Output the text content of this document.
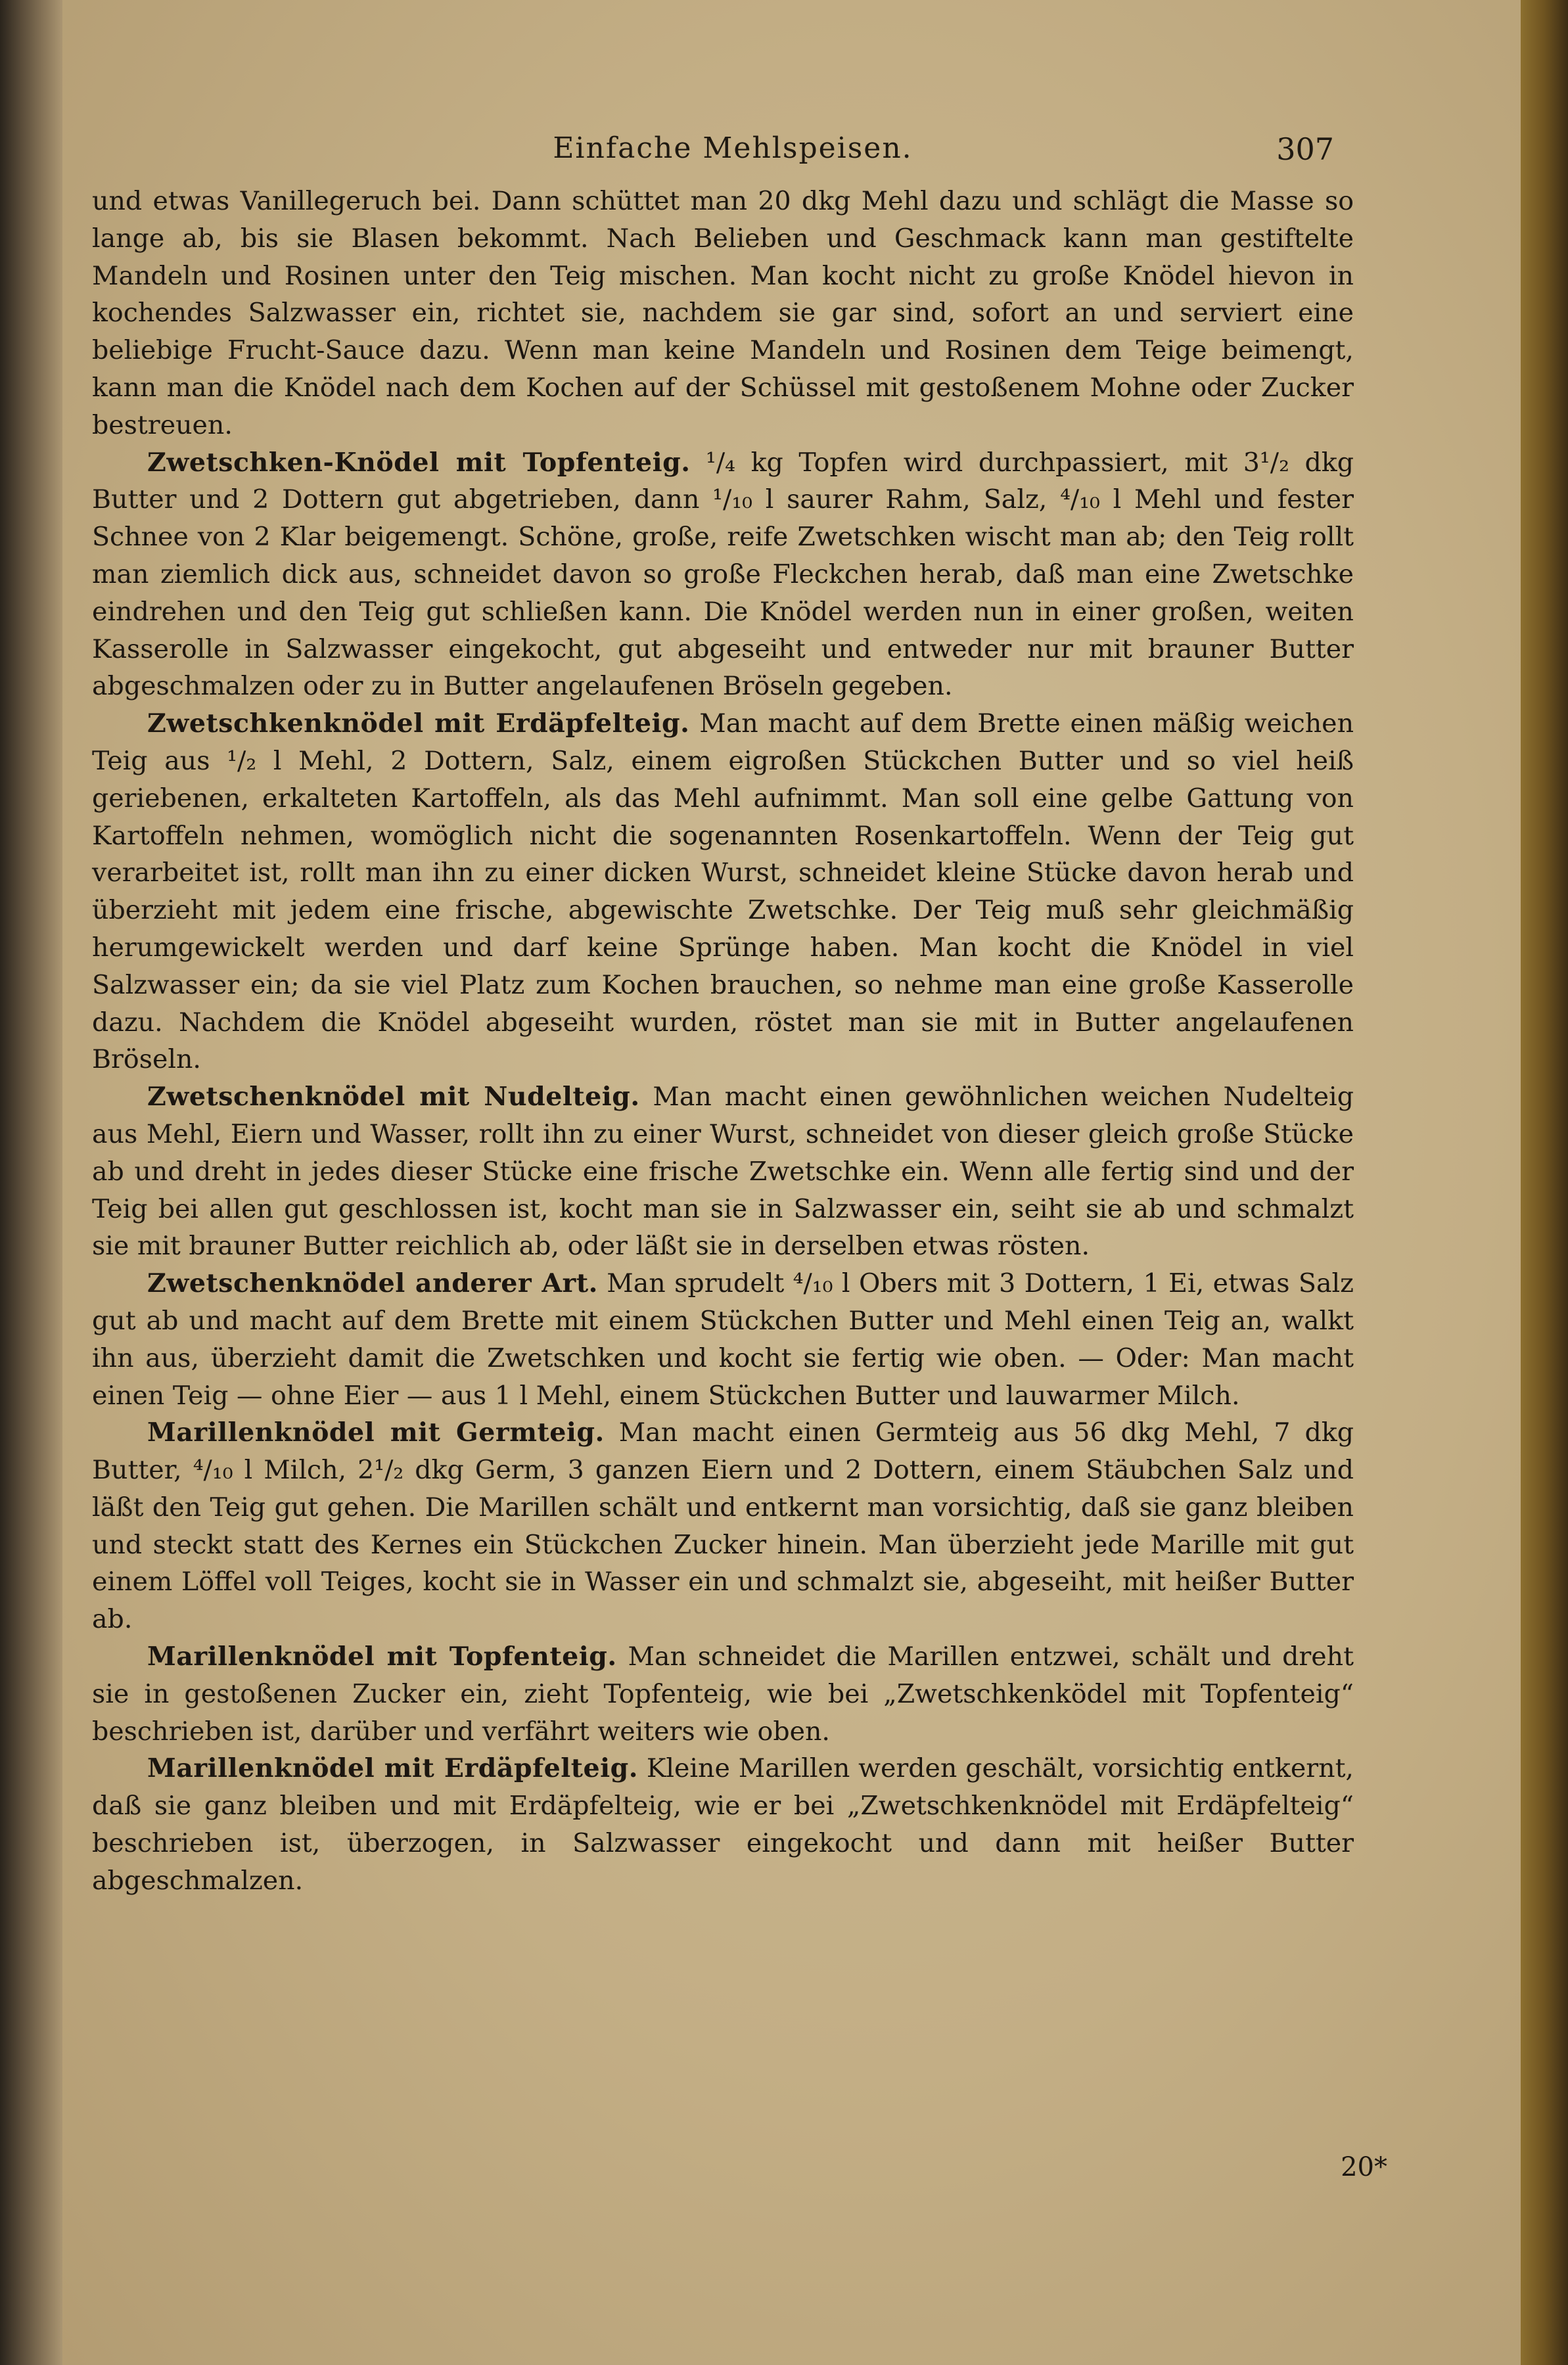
Einfache Mehlspeisen.	307

und etwas Vanillegeruch bei. Dann schüttet man 20 dkg Mehl dazu und schlägt die Masse so lange ab, bis sie Blasen bekommt. Nach Belieben und Geschmack kann man gestiftelte Mandeln und Rosinen unter den Teig mischen. Man kocht nicht zu große Knödel hievon in kochendes Salzwasser ein, richtet sie, nachdem sie gar sind, sofort an und serviert eine beliebige Frucht-Sauce dazu. Wenn man keine Mandeln und Rosinen dem Teige beimengt, kann man die Knödel nach dem Kochen auf der Schüssel mit gestoßenem Mohne oder Zucker bestreuen.

Zwetschken-Knödel mit Topfenteig. ¹/₄ kg Topfen wird durchpassiert, mit 3¹/₂ dkg Butter und 2 Dottern gut abgetrieben, dann ¹/₁₀ l saurer Rahm, Salz, ⁴/₁₀ l Mehl und fester Schnee von 2 Klar beigemengt. Schöne, große, reife Zwetschken wischt man ab; den Teig rollt man ziemlich dick aus, schneidet davon so große Fleckchen herab, daß man eine Zwetschke eindrehen und den Teig gut schließen kann. Die Knödel werden nun in einer großen, weiten Kasserolle in Salzwasser eingekocht, gut abgeseiht und entweder nur mit brauner Butter abgeschmalzen oder zu in Butter angelaufenen Bröseln gegeben.

Zwetschkenknödel mit Erdäpfelteig. Man macht auf dem Brette einen mäßig weichen Teig aus ¹/₂ l Mehl, 2 Dottern, Salz, einem eigroßen Stückchen Butter und so viel heiß geriebenen, erkalteten Kartoffeln, als das Mehl aufnimmt. Man soll eine gelbe Gattung von Kartoffeln nehmen, womöglich nicht die sogenannten Rosenkartoffeln. Wenn der Teig gut verarbeitet ist, rollt man ihn zu einer dicken Wurst, schneidet kleine Stücke davon herab und überzieht mit jedem eine frische, abgewischte Zwetschke. Der Teig muß sehr gleichmäßig herumgewickelt werden und darf keine Sprünge haben. Man kocht die Knödel in viel Salzwasser ein; da sie viel Platz zum Kochen brauchen, so nehme man eine große Kasserolle dazu. Nachdem die Knödel abgeseiht wurden, röstet man sie mit in Butter angelaufenen Bröseln.

Zwetschenknödel mit Nudelteig. Man macht einen gewöhnlichen weichen Nudelteig aus Mehl, Eiern und Wasser, rollt ihn zu einer Wurst, schneidet von dieser gleich große Stücke ab und dreht in jedes dieser Stücke eine frische Zwetschke ein. Wenn alle fertig sind und der Teig bei allen gut geschlossen ist, kocht man sie in Salzwasser ein, seiht sie ab und schmalzt sie mit brauner Butter reichlich ab, oder läßt sie in derselben etwas rösten.

Zwetschenknödel anderer Art. Man sprudelt ⁴/₁₀ l Obers mit 3 Dottern, 1 Ei, etwas Salz gut ab und macht auf dem Brette mit einem Stückchen Butter und Mehl einen Teig an, walkt ihn aus, überzieht damit die Zwetschken und kocht sie fertig wie oben. — Oder: Man macht einen Teig — ohne Eier — aus 1 l Mehl, einem Stückchen Butter und lauwarmer Milch.

Marillenknödel mit Germteig. Man macht einen Germteig aus 56 dkg Mehl, 7 dkg Butter, ⁴/₁₀ l Milch, 2¹/₂ dkg Germ, 3 ganzen Eiern und 2 Dottern, einem Stäubchen Salz und läßt den Teig gut gehen. Die Marillen schält und entkernt man vorsichtig, daß sie ganz bleiben und steckt statt des Kernes ein Stückchen Zucker hinein. Man überzieht jede Marille mit gut einem Löffel voll Teiges, kocht sie in Wasser ein und schmalzt sie, abgeseiht, mit heißer Butter ab.

Marillenknödel mit Topfenteig. Man schneidet die Marillen entzwei, schält und dreht sie in gestoßenen Zucker ein, zieht Topfenteig, wie bei „Zwetschkenködel mit Topfenteig“ beschrieben ist, darüber und verfährt weiters wie oben.

Marillenknödel mit Erdäpfelteig. Kleine Marillen werden geschält, vorsichtig entkernt, daß sie ganz bleiben und mit Erdäpfelteig, wie er bei „Zwetschkenknödel mit Erdäpfelteig“ beschrieben ist, überzogen, in Salzwasser eingekocht und dann mit heißer Butter abgeschmalzen.

20*
